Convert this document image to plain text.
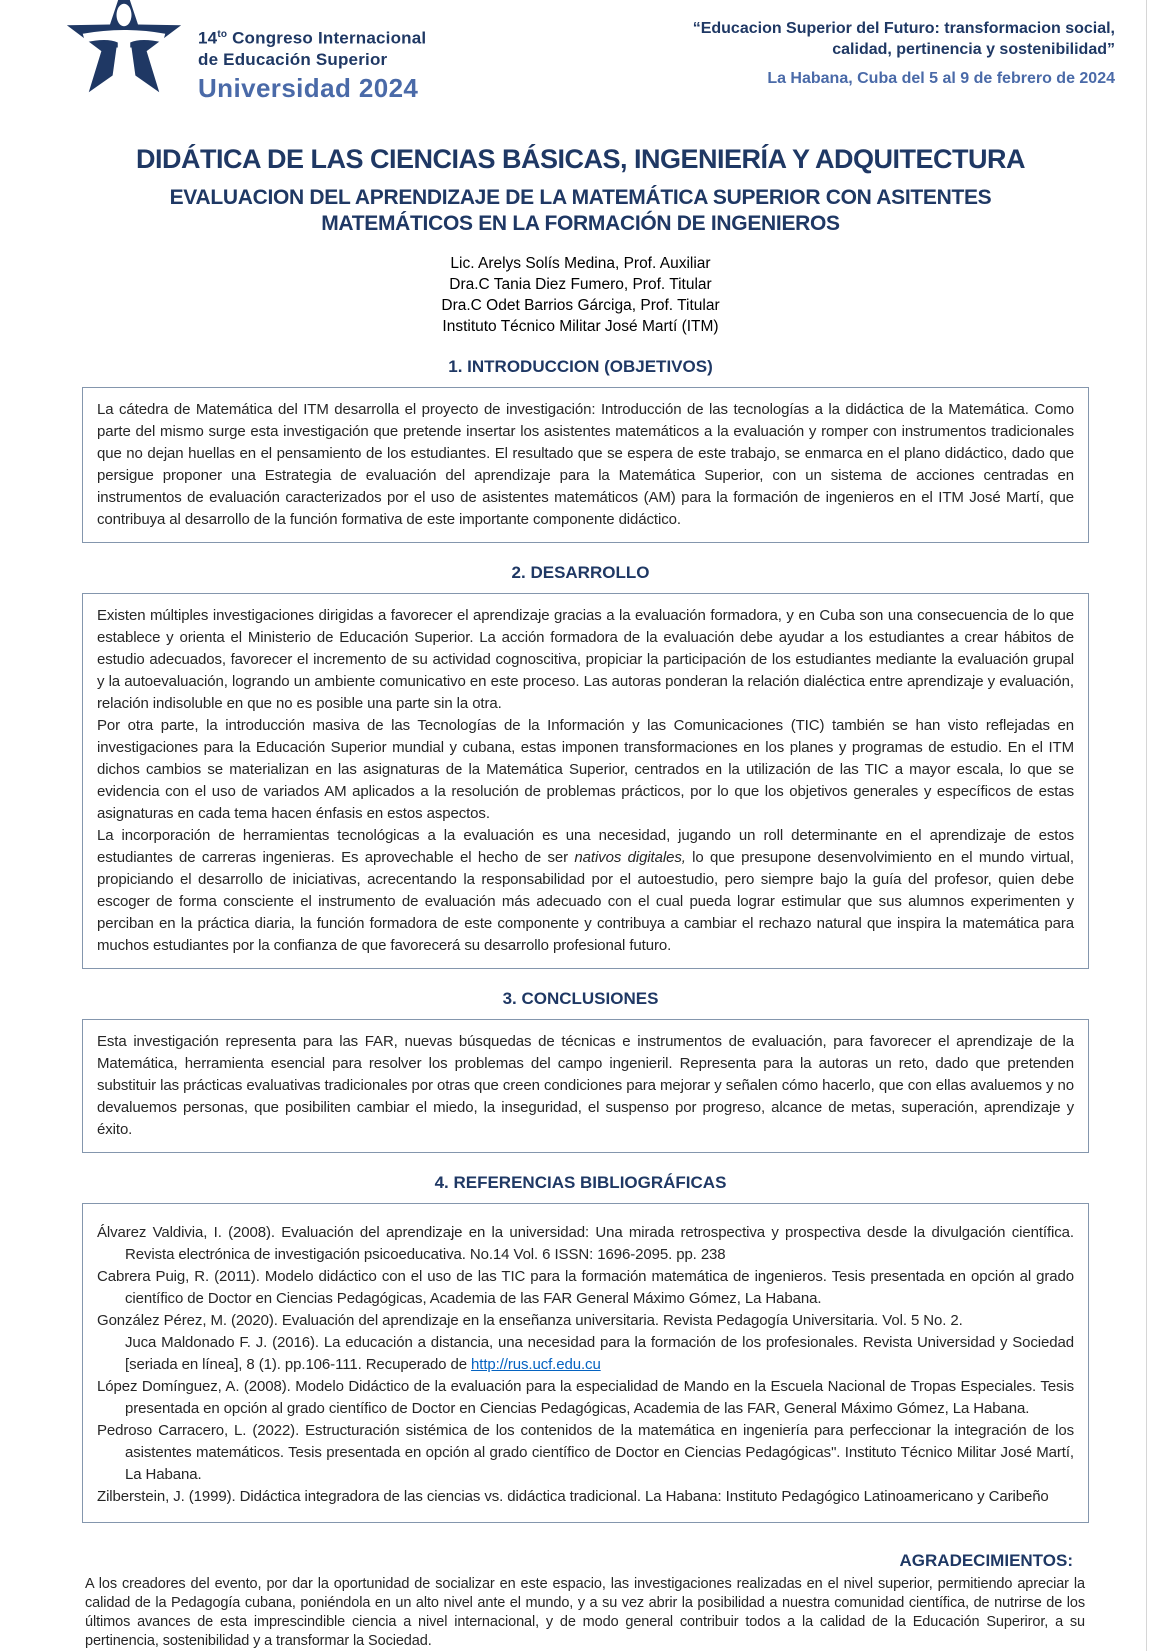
$14^{to}$ Congreso Internacional
de Educación Superior
Universidad 2024
“Educacion Superior del Futuro: transformacion social, calidad, pertinencia y sostenibilidad”
La Habana, Cuba del 5 al 9 de febrero de 2024
DIDÁTICA DE LAS CIENCIAS BÁSICAS, INGENIERÍA Y ADQUITECTURA
EVALUACION DEL APRENDIZAJE DE LA MATEMÁTICA SUPERIOR CON ASITENTES MATEMÁTICOS EN LA FORMACIÓN DE INGENIEROS
Lic. Arelys Solís Medina, Prof. Auxiliar
Dra.C Tania Diez Fumero, Prof. Titular
Dra.C Odet Barrios Gárciga, Prof. Titular
Instituto Técnico Militar José Martí (ITM)
1. INTRODUCCION (OBJETIVOS)

La cátedra de Matemática del ITM desarrolla el proyecto de investigación: Introducción de las tecnologías a la didáctica de la Matemática. Como parte del mismo surge esta investigación que pretende insertar los asistentes matemáticos a la evaluación y romper con instrumentos tradicionales que no dejan huellas en el pensamiento de los estudiantes. El resultado que se espera de este trabajo, se enmarca en el plano didáctico, dado que persigue proponer una Estrategia de evaluación del aprendizaje para la Matemática Superior, con un sistema de acciones centradas en instrumentos de evaluación caracterizados por el uso de asistentes matemáticos (AM) para la formación de ingenieros en el ITM José Martí, que contribuya al desarrollo de la función formativa de este importante componente didáctico.

2. DESARROLLO

Existen múltiples investigaciones dirigidas a favorecer el aprendizaje gracias a la evaluación formadora, y en Cuba son una consecuencia de lo que establece y orienta el Ministerio de Educación Superior. La acción formadora de la evaluación debe ayudar a los estudiantes a crear hábitos de estudio adecuados, favorecer el incremento de su actividad cognoscitiva, propiciar la participación de los estudiantes mediante la evaluación grupal y la autoevaluación, logrando un ambiente comunicativo en este proceso. Las autoras ponderan la relación dialéctica entre aprendizaje y evaluación, relación indisoluble en que no es posible una parte sin la otra.

Por otra parte, la introducción masiva de las Tecnologías de la Información y las Comunicaciones (TIC) también se han visto reflejadas en investigaciones para la Educación Superior mundial y cubana, estas imponen transformaciones en los planes y programas de estudio. En el ITM dichos cambios se materializan en las asignaturas de la Matemática Superior, centrados en la utilización de las TIC a mayor escala, lo que se evidencia con el uso de variados AM aplicados a la resolución de problemas prácticos, por lo que los objetivos generales y específicos de estas asignaturas en cada tema hacen énfasis en estos aspectos.

La incorporación de herramientas tecnológicas a la evaluación es una necesidad, jugando un roll determinante en el aprendizaje de estos estudiantes de carreras ingenieras. Es aprovechable el hecho de ser nativos digitales, lo que presupone desenvolvimiento en el mundo virtual, propiciando el desarrollo de iniciativas, acrecentando la responsabilidad por el autoestudio, pero siempre bajo la guía del profesor, quien debe escoger de forma consciente el instrumento de evaluación más adecuado con el cual pueda lograr estimular que sus alumnos experimenten y perciban en la práctica diaria, la función formadora de este componente y contribuya a cambiar el rechazo natural que inspira la matemática para muchos estudiantes por la confianza de que favorecerá su desarrollo profesional futuro.

3. CONCLUSIONES

Esta investigación representa para las FAR, nuevas búsquedas de técnicas e instrumentos de evaluación, para favorecer el aprendizaje de la Matemática, herramienta esencial para resolver los problemas del campo ingenieril. Representa para la autoras un reto, dado que pretenden substituir las prácticas evaluativas tradicionales por otras que creen condiciones para mejorar y señalen cómo hacerlo, que con ellas avaluemos y no devaluemos personas, que posibiliten cambiar el miedo, la inseguridad, el suspenso por progreso, alcance de metas, superación, aprendizaje y éxito.

4. REFERENCIAS BIBLIOGRÁFICAS

Álvarez Valdivia, I. (2008). Evaluación del aprendizaje en la universidad: Una mirada retrospectiva y prospectiva desde la divulgación científica. Revista electrónica de investigación psicoeducativa. No.14 Vol. 6 ISSN: 1696-2095. pp. 238

Cabrera Puig, R. (2011). Modelo didáctico con el uso de las TIC para la formación matemática de ingenieros. Tesis presentada en opción al grado científico de Doctor en Ciencias Pedagógicas, Academia de las FAR General Máximo Gómez, La Habana.

González Pérez, M. (2020). Evaluación del aprendizaje en la enseñanza universitaria. Revista Pedagogía Universitaria. Vol. 5 No. 2.

Juca Maldonado F. J. (2016). La educación a distancia, una necesidad para la formación de los profesionales. Revista Universidad y Sociedad [seriada en línea], 8 (1). pp.106-111. Recuperado de http://rus.ucf.edu.cu

López Domínguez, A. (2008). Modelo Didáctico de la evaluación para la especialidad de Mando en la Escuela Nacional de Tropas Especiales. Tesis presentada en opción al grado científico de Doctor en Ciencias Pedagógicas, Academia de las FAR, General Máximo Gómez, La Habana.

Pedroso Carracero, L. (2022). Estructuración sistémica de los contenidos de la matemática en ingeniería para perfeccionar la integración de los asistentes matemáticos. Tesis presentada en opción al grado científico de Doctor en Ciencias Pedagógicas". Instituto Técnico Militar José Martí, La Habana.

Zilberstein, J. (1999). Didáctica integradora de las ciencias vs. didáctica tradicional. La Habana: Instituto Pedagógico Latinoamericano y Caribeño

AGRADECIMIENTOS:

A los creadores del evento, por dar la oportunidad de socializar en este espacio, las investigaciones realizadas en el nivel superior, permitiendo apreciar la calidad de la Pedagogía cubana, poniéndola en un alto nivel ante el mundo, y a su vez abrir la posibilidad a nuestra comunidad científica, de nutrirse de los últimos avances de esta imprescindible ciencia a nivel internacional, y de modo general contribuir todos a la calidad de la Educación Superiror, a su pertinencia, sostenibilidad y a transformar la Sociedad.
